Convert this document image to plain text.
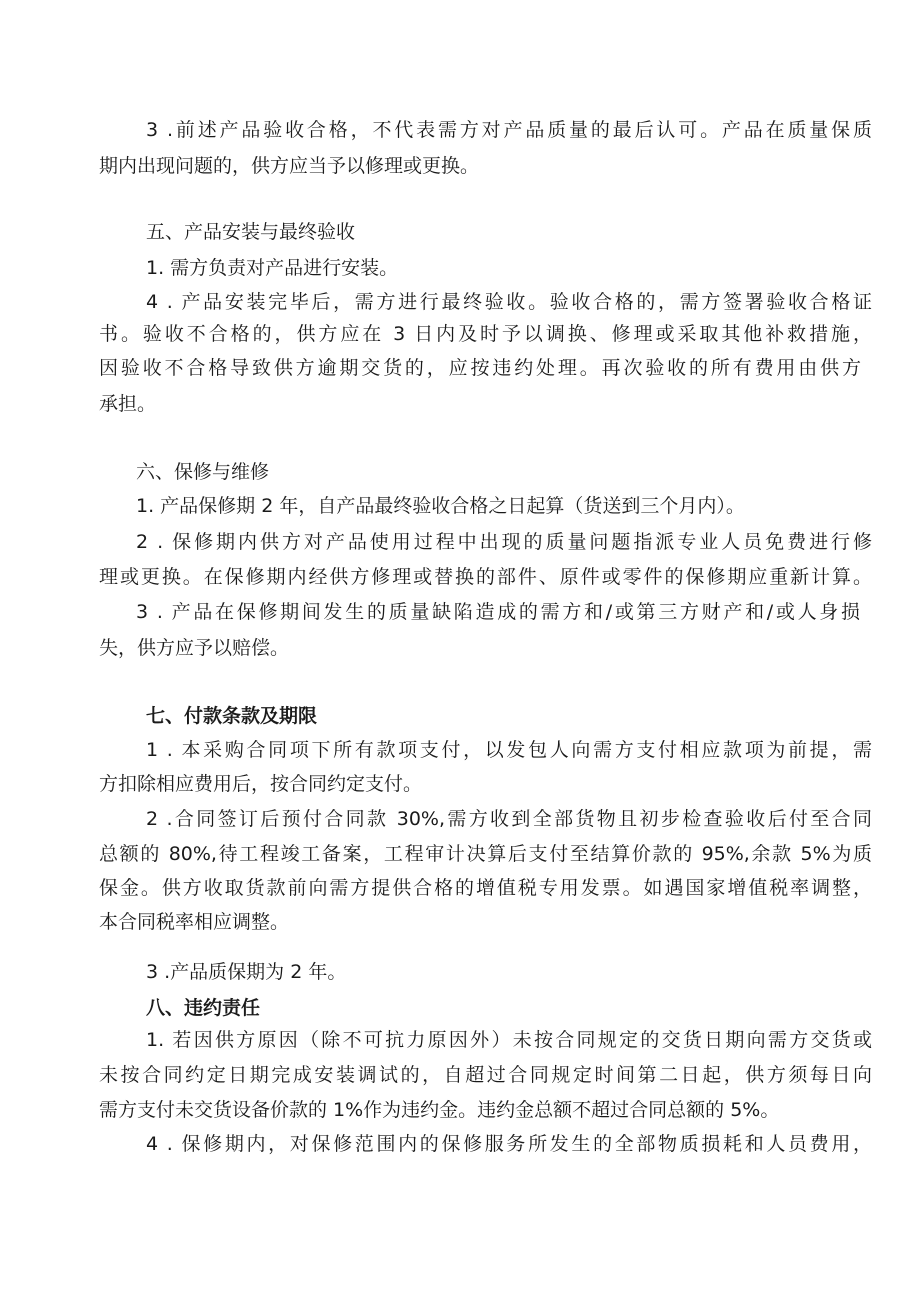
3 .前述产品验收合格，不代表需方对产品质量的最后认可。产品在质量保质
期内出现问题的，供方应当予以修理或更换。
五、产品安装与最终验收
1. 需方负责对产品进行安装。
4 . 产品安装完毕后，需方进行最终验收。验收合格的，需方签署验收合格证
书。验收不合格的，供方应在 3 日内及时予以调换、修理或采取其他补救措施，
因验收不合格导致供方逾期交货的，应按违约处理。再次验收的所有费用由供方
承担。
六、保修与维修
1. 产品保修期 2 年，自产品最终验收合格之日起算（货送到三个月内）。
2 . 保修期内供方对产品使用过程中出现的质量问题指派专业人员免费进行修
理或更换。在保修期内经供方修理或替换的部件、原件或零件的保修期应重新计算。
3 . 产品在保修期间发生的质量缺陷造成的需方和/或第三方财产和/或人身损
失，供方应予以赔偿。
七、付款条款及期限
1 . 本采购合同项下所有款项支付，以发包人向需方支付相应款项为前提，需
方扣除相应费用后，按合同约定支付。
2 .合同签订后预付合同款 30%,需方收到全部货物且初步检查验收后付至合同
总额的 80%,待工程竣工备案，工程审计决算后支付至结算价款的 95%,余款 5%为质
保金。供方收取货款前向需方提供合格的增值税专用发票。如遇国家增值税率调整，
本合同税率相应调整。
3 .产品质保期为 2 年。
八、违约责任
1. 若因供方原因（除不可抗力原因外）未按合同规定的交货日期向需方交货或
未按合同约定日期完成安装调试的，自超过合同规定时间第二日起，供方须每日向
需方支付未交货设备价款的 1%作为违约金。违约金总额不超过合同总额的 5%。
4 . 保修期内，对保修范围内的保修服务所发生的全部物质损耗和人员费用，
